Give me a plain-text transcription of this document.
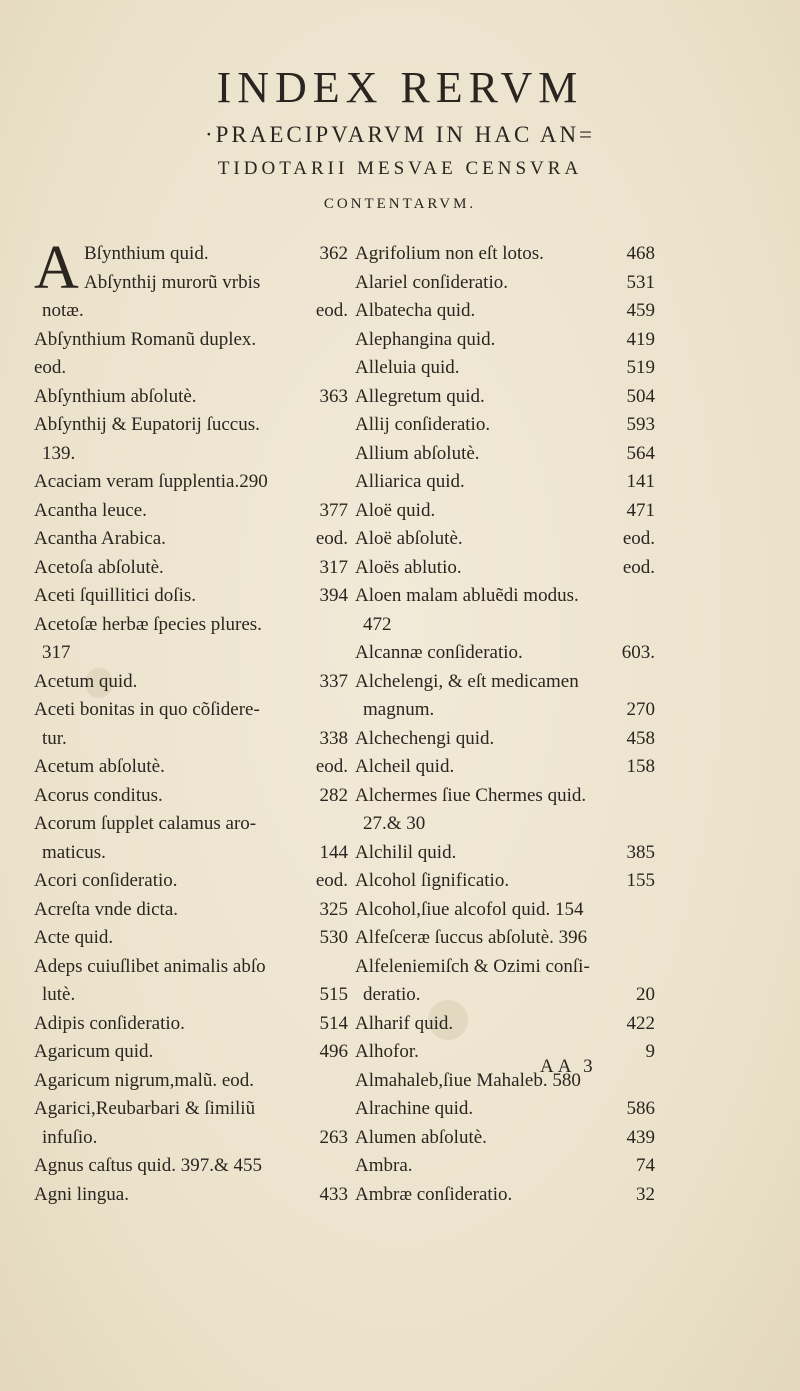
INDEX RERVM
·PRAECIPVARVM IN HAC AN=
TIDOTARII MESVAE CENSVRA
CONTENTARVM.
A Bſynthium quid.	362
Abſynthij murorũ vrbis
notæ.	eod.
Abſynthium Romanũ duplex.
eod.
Abſynthium abſolutè.	363
Abſynthij & Eupatorij ſuccus.
139.
Acaciam veram ſupplentia.290
Acantha leuce.	377
Acantha Arabica.	eod.
Acetoſa abſolutè.	317
Aceti ſquillitici doſis.	394
Acetoſæ herbæ ſpecies plures.
317
Acetum quid.	337
Aceti bonitas in quo cõſidere-
tur.	338
Acetum abſolutè.	eod.
Acorus conditus.	282
Acorum ſupplet calamus aro-
maticus.	144
Acori conſideratio.	eod.
Acreſta vnde dicta.	325
Acte quid.	530
Adeps cuiuſlibet animalis abſo
lutè.	515
Adipis conſideratio.	514
Agaricum quid.	496
Agaricum nigrum,malũ. eod.
Agarici,Reubarbari & ſimiliũ
infuſio.	263
Agnus caſtus quid. 397.& 455
Agni lingua.	433
Agrifolium non eſt lotos.	468
Alariel conſideratio.	531
Albatecha quid.	459
Alephangina quid.	419
Alleluia quid.	519
Allegretum quid.	504
Allij conſideratio.	593
Allium abſolutè.	564
Alliarica quid.	141
Aloë quid.	471
Aloë abſolutè.	eod.
Aloës ablutio.	eod.
Aloen malam abluẽdi modus.
472
Alcannæ conſideratio.	603.
Alchelengi, & eſt medicamen
magnum.	270
Alchechengi quid.	458
Alcheil quid.	158
Alchermes ſiue Chermes quid.
27.& 30
Alchilil quid.	385
Alcohol ſignificatio.	155
Alcohol,ſiue alcofol quid. 154
Alfeſceræ ſuccus abſolutè. 396
Alfeleniemiſch & Ozimi conſi-
deratio.	20
Alharif quid.	422
Alhofor.	9
Almahaleb,ſiue Mahaleb. 580
Alrachine quid.	586
Alumen abſolutè.	439
Ambra.	74
Ambræ conſideratio.	32
AA 3
